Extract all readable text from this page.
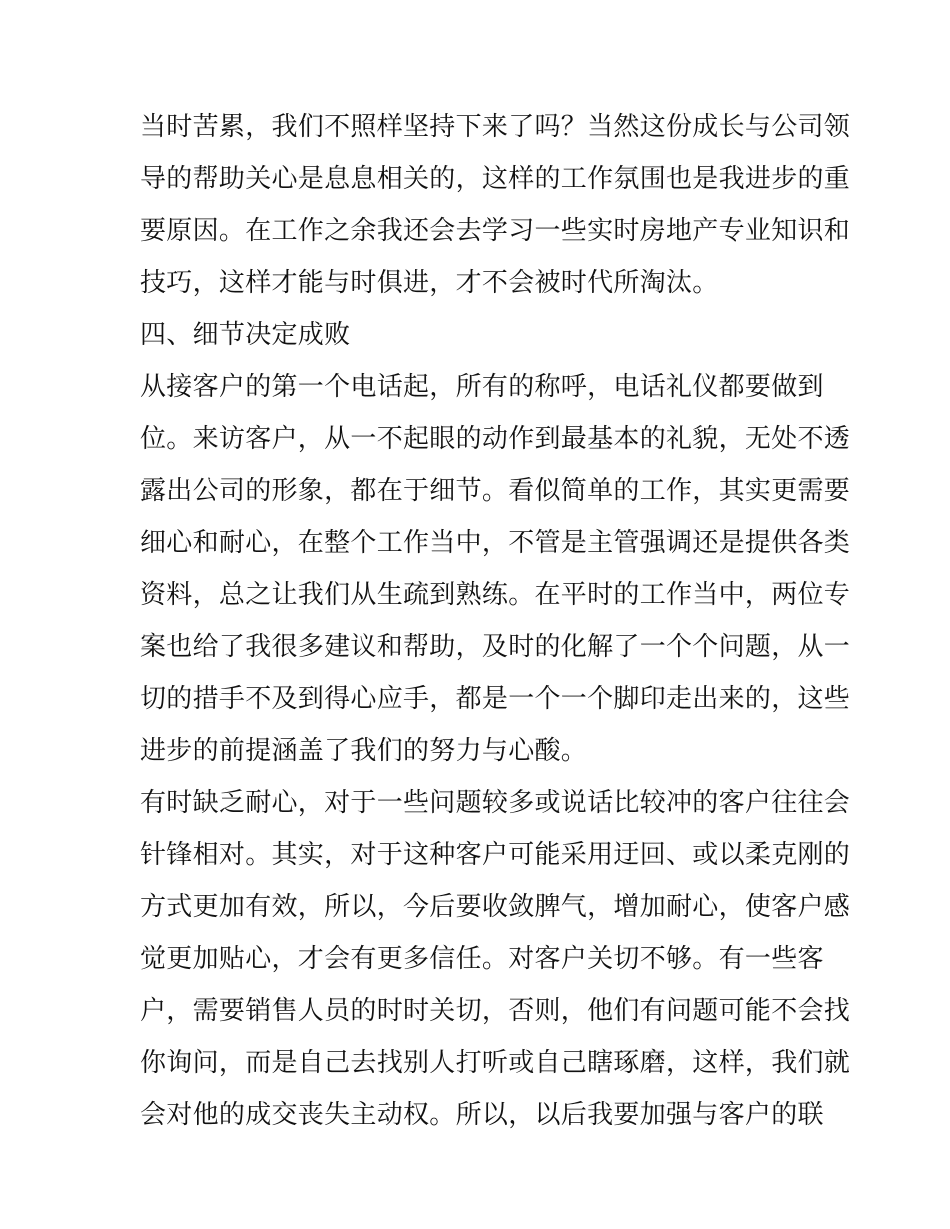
当时苦累，我们不照样坚持下来了吗？当然这份成长与公司领
导的帮助关心是息息相关的，这样的工作氛围也是我进步的重
要原因。在工作之余我还会去学习一些实时房地产专业知识和
技巧，这样才能与时俱进，才不会被时代所淘汰。
四、细节决定成败
从接客户的第一个电话起，所有的称呼，电话礼仪都要做到
位。来访客户，从一不起眼的动作到最基本的礼貌，无处不透
露出公司的形象，都在于细节。看似简单的工作，其实更需要
细心和耐心，在整个工作当中，不管是主管强调还是提供各类
资料，总之让我们从生疏到熟练。在平时的工作当中，两位专
案也给了我很多建议和帮助，及时的化解了一个个问题，从一
切的措手不及到得心应手，都是一个一个脚印走出来的，这些
进步的前提涵盖了我们的努力与心酸。
有时缺乏耐心，对于一些问题较多或说话比较冲的客户往往会
针锋相对。其实，对于这种客户可能采用迂回、或以柔克刚的
方式更加有效，所以，今后要收敛脾气，增加耐心，使客户感
觉更加贴心，才会有更多信任。对客户关切不够。有一些客
户，需要销售人员的时时关切，否则，他们有问题可能不会找
你询问，而是自己去找别人打听或自己瞎琢磨，这样，我们就
会对他的成交丧失主动权。所以，以后我要加强与客户的联
